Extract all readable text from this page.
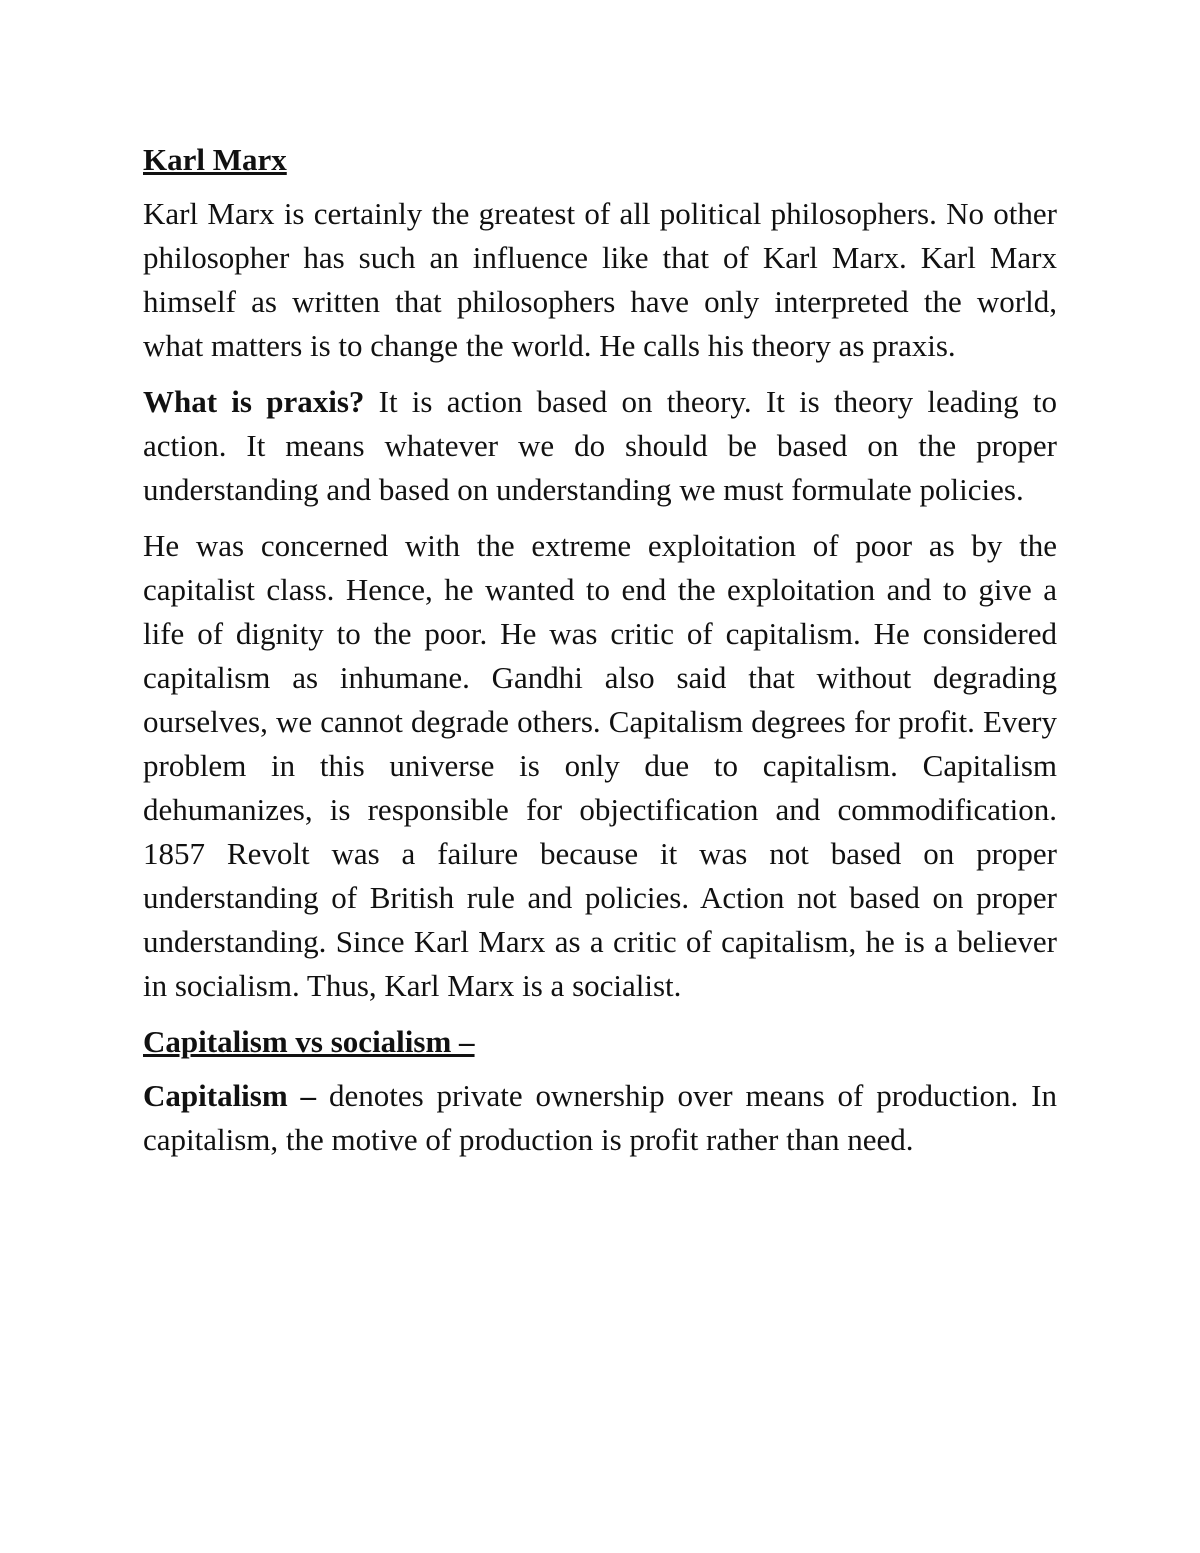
Karl Marx

Karl Marx is certainly the greatest of all political philosophers. No other philosopher has such an influence like that of Karl Marx. Karl Marx himself as written that philosophers have only interpreted the world, what matters is to change the world. He calls his theory as praxis.

What is praxis? It is action based on theory. It is theory leading to action. It means whatever we do should be based on the proper understanding and based on understanding we must formulate policies.

He was concerned with the extreme exploitation of poor as by the capitalist class. Hence, he wanted to end the exploitation and to give a life of dignity to the poor. He was critic of capitalism. He considered capitalism as inhumane. Gandhi also said that without degrading ourselves, we cannot degrade others. Capitalism degrees for profit. Every problem in this universe is only due to capitalism. Capitalism dehumanizes, is responsible for objectification and commodification. 1857 Revolt was a failure because it was not based on proper understanding of British rule and policies. Action not based on proper understanding. Since Karl Marx as a critic of capitalism, he is a believer in socialism. Thus, Karl Marx is a socialist.

Capitalism vs socialism –

Capitalism – denotes private ownership over means of production. In capitalism, the motive of production is profit rather than need.
